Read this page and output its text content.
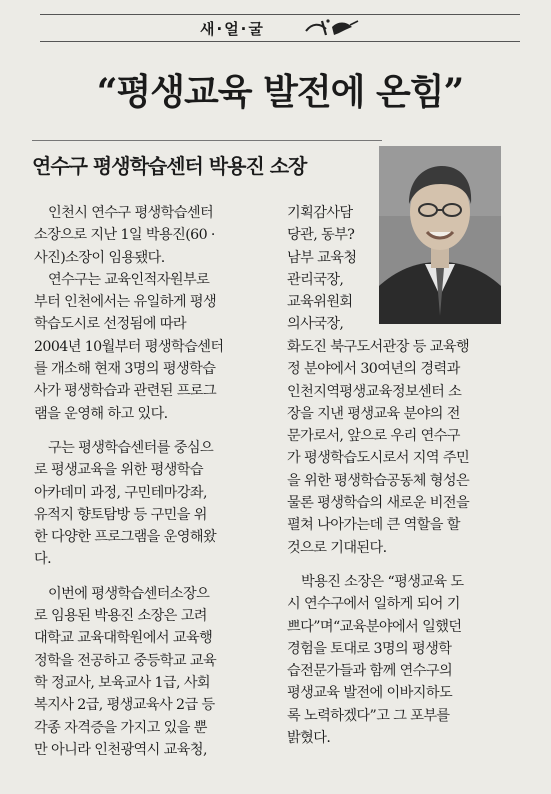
새·얼·굴
“평생교육 발전에 온힘”
연수구 평생학습센터 박용진 소장

인천시 연수구 평생학습센터
소장으로 지난 1일 박용진(60 ·
사진)소장이 임용됐다.

연수구는 교육인적자원부로
부터 인천에서는 유일하게 평생
학습도시로 선정됨에 따라
2004년 10월부터 평생학습센터
를 개소해 현재 3명의 평생학습
사가 평생학습과 관련된 프로그
램을 운영해 하고 있다.

구는 평생학습센터를 중심으
로 평생교육을 위한 평생학습
아카데미 과정, 구민테마강좌,
유적지 향토탐방 등 구민을 위
한 다양한 프로그램을 운영해왔
다.

이번에 평생학습센터소장으
로 임용된 박용진 소장은 고려
대학교 교육대학원에서 교육행
정학을 전공하고 중등학교 교육
학 정교사, 보육교사 1급, 사회
복지사 2급, 평생교육사 2급 등
각종 자격증을 가지고 있을 뿐
만 아니라 인천광역시 교육청,

기획감사담
당관, 동부?
남부 교육청
관리국장,
교육위원회
의사국장,

화도진 북구도서관장 등 교육행
정 분야에서 30여년의 경력과
인천지역평생교육정보센터 소
장을 지낸 평생교육 분야의 전
문가로서, 앞으로 우리 연수구
가 평생학습도시로서 지역 주민
을 위한 평생학습공동체 형성은
물론 평생학습의 새로운 비전을
펼쳐 나아가는데 큰 역할을 할
것으로 기대된다.

박용진 소장은 “평생교육 도
시 연수구에서 일하게 되어 기
쁘다”며“교육분야에서 일했던
경험을 토대로 3명의 평생학
습전문가들과 함께 연수구의
평생교육 발전에 이바지하도
록 노력하겠다”고 그 포부를
밝혔다.
